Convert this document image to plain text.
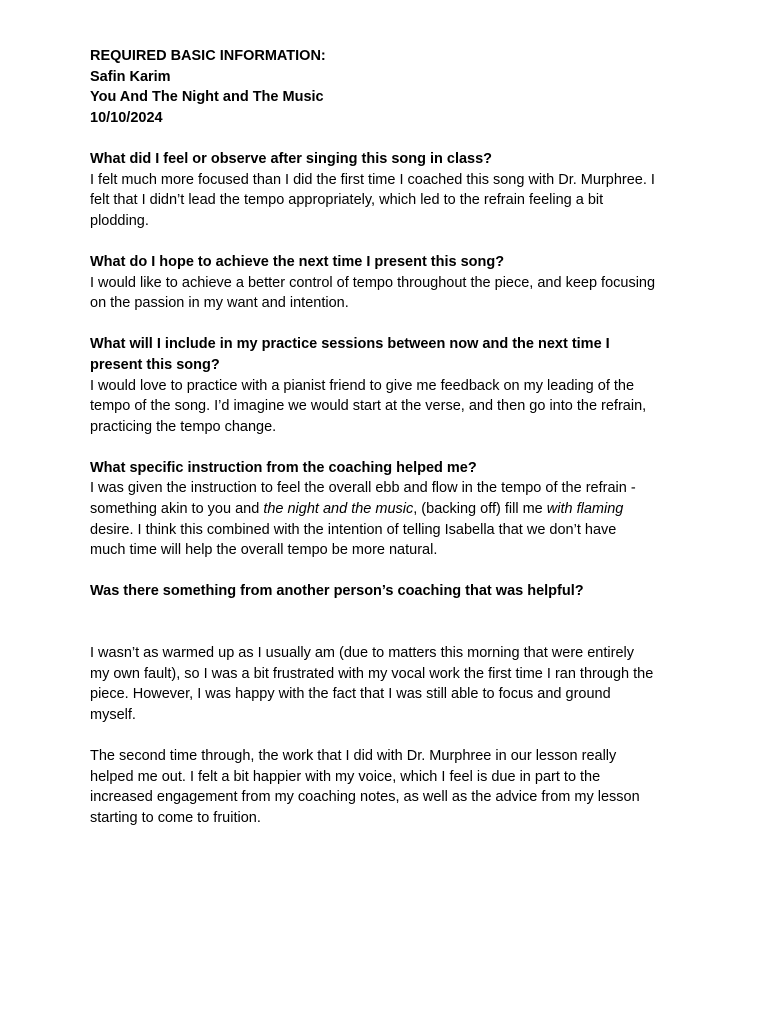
REQUIRED BASIC INFORMATION:
Safin Karim
You And The Night and The Music
10/10/2024
What did I feel or observe after singing this song in class?
I felt much more focused than I did the first time I coached this song with Dr. Murphree. I
felt that I didn’t lead the tempo appropriately, which led to the refrain feeling a bit
plodding.
What do I hope to achieve the next time I present this song?
I would like to achieve a better control of tempo throughout the piece, and keep focusing
on the passion in my want and intention.
What will I include in my practice sessions between now and the next time I
present this song?
I would love to practice with a pianist friend to give me feedback on my leading of the
tempo of the song. I’d imagine we would start at the verse, and then go into the refrain,
practicing the tempo change.
What specific instruction from the coaching helped me?
I was given the instruction to feel the overall ebb and flow in the tempo of the refrain -
something akin to you and the night and the music, (backing off) fill me with flaming
desire. I think this combined with the intention of telling Isabella that we don’t have
much time will help the overall tempo be more natural.
Was there something from another person’s coaching that was helpful?
I wasn’t as warmed up as I usually am (due to matters this morning that were entirely
my own fault), so I was a bit frustrated with my vocal work the first time I ran through the
piece. However, I was happy with the fact that I was still able to focus and ground
myself.
The second time through, the work that I did with Dr. Murphree in our lesson really
helped me out. I felt a bit happier with my voice, which I feel is due in part to the
increased engagement from my coaching notes, as well as the advice from my lesson
starting to come to fruition.
